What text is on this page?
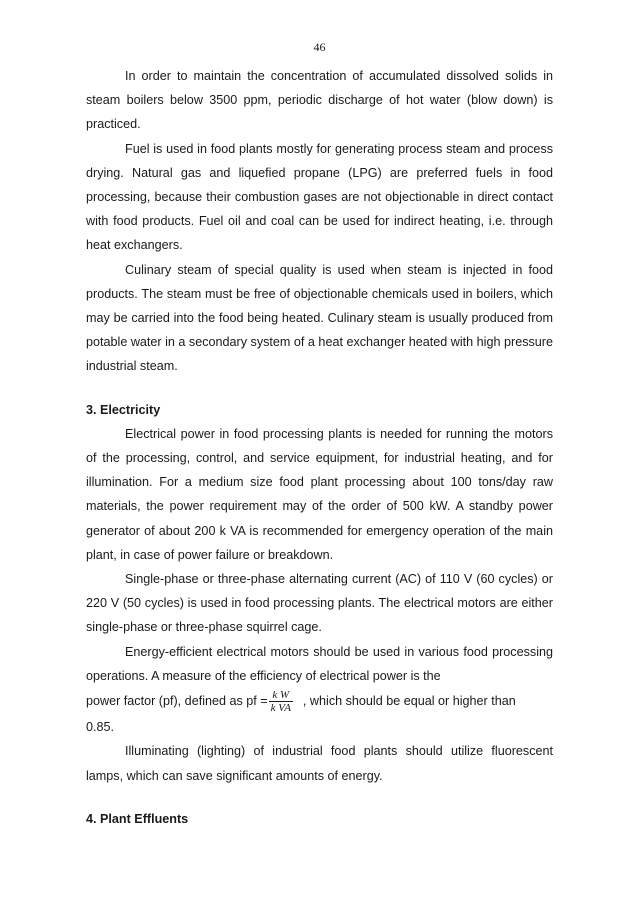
46

In order to maintain the concentration of accumulated dissolved solids in steam boilers below 3500 ppm, periodic discharge of hot water (blow down) is practiced.

Fuel is used in food plants mostly for generating process steam and process drying. Natural gas and liquefied propane (LPG) are preferred fuels in food processing, because their combustion gases are not objectionable in direct contact with food products. Fuel oil and coal can be used for indirect heating, i.e. through heat exchangers.

Culinary steam of special quality is used when steam is injected in food products. The steam must be free of objectionable chemicals used in boilers, which may be carried into the food being heated. Culinary steam is usually produced from potable water in a secondary system of a heat exchanger heated with high pressure industrial steam.

3. Electricity

Electrical power in food processing plants is needed for running the motors of the processing, control, and service equipment, for industrial heating, and for illumination. For a medium size food plant processing about 100 tons/day raw materials, the power requirement may of the order of 500 kW. A standby power generator of about 200 k VA is recommended for emergency operation of the main plant, in case of power failure or breakdown.

Single-phase or three-phase alternating current (AC) of 110 V (60 cycles) or 220 V (50 cycles) is used in food processing plants. The electrical motors are either single-phase or three-phase squirrel cage.

Energy-efficient electrical motors should be used in various food processing operations. A measure of the efficiency of electrical power is the

power factor (pf), defined as pf = $\frac{\text{k W}}{\text{k VA}}$ , which should be equal or higher than

0.85.

Illuminating (lighting) of industrial food plants should utilize fluorescent lamps, which can save significant amounts of energy.

4. Plant Effluents
